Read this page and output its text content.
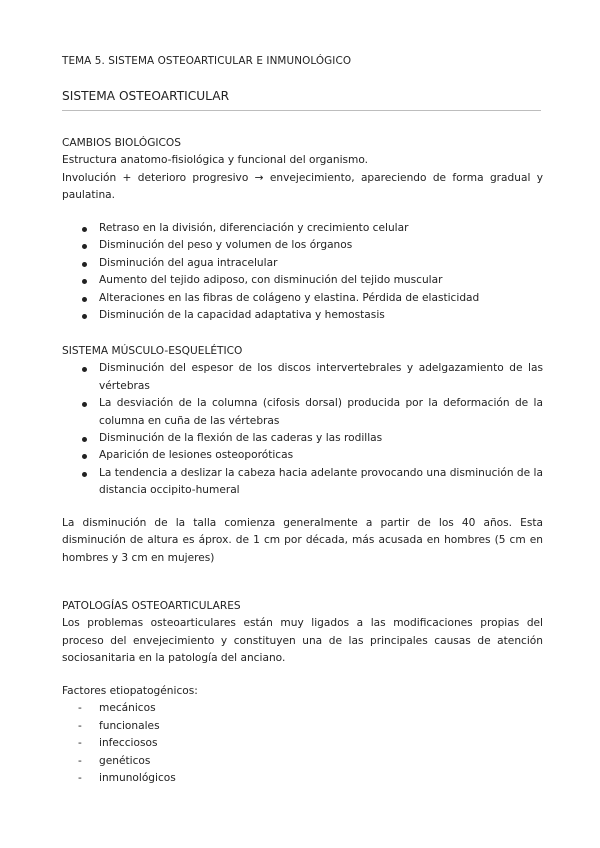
TEMA 5. SISTEMA OSTEOARTICULAR E INMUNOLÓGICO
SISTEMA OSTEOARTICULAR
CAMBIOS BIOLÓGICOS

Estructura anatomo-fisiológica y funcional del organismo.

Involución + deterioro progresivo → envejecimiento, apareciendo de forma gradual y paulatina.

Retraso en la división, diferenciación y crecimiento celular
Disminución del peso y volumen de los órganos
Disminución del agua intracelular
Aumento del tejido adiposo, con disminución del tejido muscular
Alteraciones en las fibras de colágeno y elastina. Pérdida de elasticidad
Disminución de la capacidad adaptativa y hemostasis
SISTEMA MÚSCULO-ESQUELÉTICO
Disminución del espesor de los discos intervertebrales y adelgazamiento de las vértebras
La desviación de la columna (cifosis dorsal) producida por la deformación de la columna en cuña de las vértebras
Disminución de la flexión de las caderas y las rodillas
Aparición de lesiones osteoporóticas
La tendencia a deslizar la cabeza hacia adelante provocando una disminución de la distancia occipito-humeral
La disminución de la talla comienza generalmente a partir de los 40 años. Esta disminución de altura es áprox. de 1 cm por década, más acusada en hombres (5 cm en hombres y 3 cm en mujeres)
PATOLOGÍAS OSTEOARTICULARES

Los problemas osteoarticulares están muy ligados a las modificaciones propias del proceso del envejecimiento y constituyen una de las principales causas de atención sociosanitaria en la patología del anciano.

Factores etiopatogénicos:

- mecánicos
- funcionales
- infecciosos
- genéticos
- inmunológicos
